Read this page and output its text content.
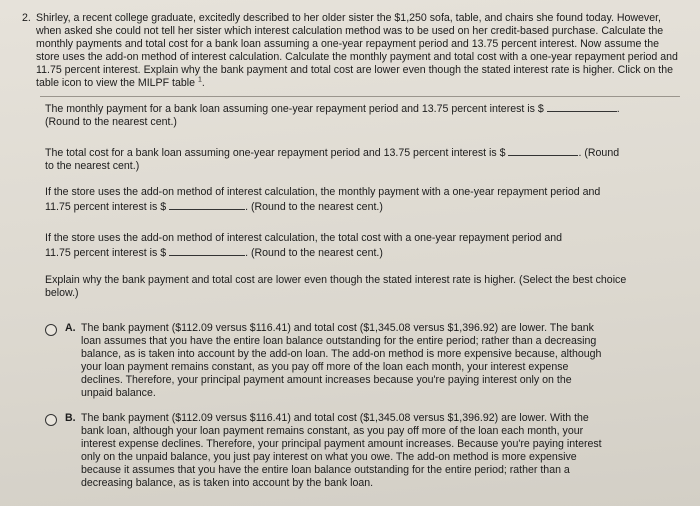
2. Shirley, a recent college graduate, excitedly described to her older sister the $1,250 sofa, table, and chairs she found today. However, when asked she could not tell her sister which interest calculation method was to be used on her credit-based purchase. Calculate the monthly payments and total cost for a bank loan assuming a one-year repayment period and 13.75 percent interest. Now assume the store uses the add-on method of interest calculation. Calculate the monthly payment and total cost with a one-year repayment period and 11.75 percent interest. Explain why the bank payment and total cost are lower even though the stated interest rate is higher. Click on the table icon to view the MILPF table $^1$.
The monthly payment for a bank loan assuming one-year repayment period and 13.75 percent interest is $	.
(Round to the nearest cent.)
The total cost for a bank loan assuming one-year repayment period and 13.75 percent interest is $	. (Round
to the nearest cent.)
If the store uses the add-on method of interest calculation, the monthly payment with a one-year repayment period and
11.75 percent interest is $	. (Round to the nearest cent.)
If the store uses the add-on method of interest calculation, the total cost with a one-year repayment period and
11.75 percent interest is $	. (Round to the nearest cent.)
Explain why the bank payment and total cost are lower even though the stated interest rate is higher. (Select the best choice below.)
A. The bank payment ($112.09 versus $116.41) and total cost ($1,345.08 versus $1,396.92) are lower. The bank loan assumes that you have the entire loan balance outstanding for the entire period; rather than a decreasing balance, as is taken into account by the add-on loan. The add-on method is more expensive because, although your loan payment remains constant, as you pay off more of the loan each month, your interest expense declines. Therefore, your principal payment amount increases because you're paying interest only on the unpaid balance.
B. The bank payment ($112.09 versus $116.41) and total cost ($1,345.08 versus $1,396.92) are lower. With the bank loan, although your loan payment remains constant, as you pay off more of the loan each month, your interest expense declines. Therefore, your principal payment amount increases. Because you're paying interest only on the unpaid balance, you just pay interest on what you owe. The add-on method is more expensive because it assumes that you have the entire loan balance outstanding for the entire period; rather than a decreasing balance, as is taken into account by the bank loan.
